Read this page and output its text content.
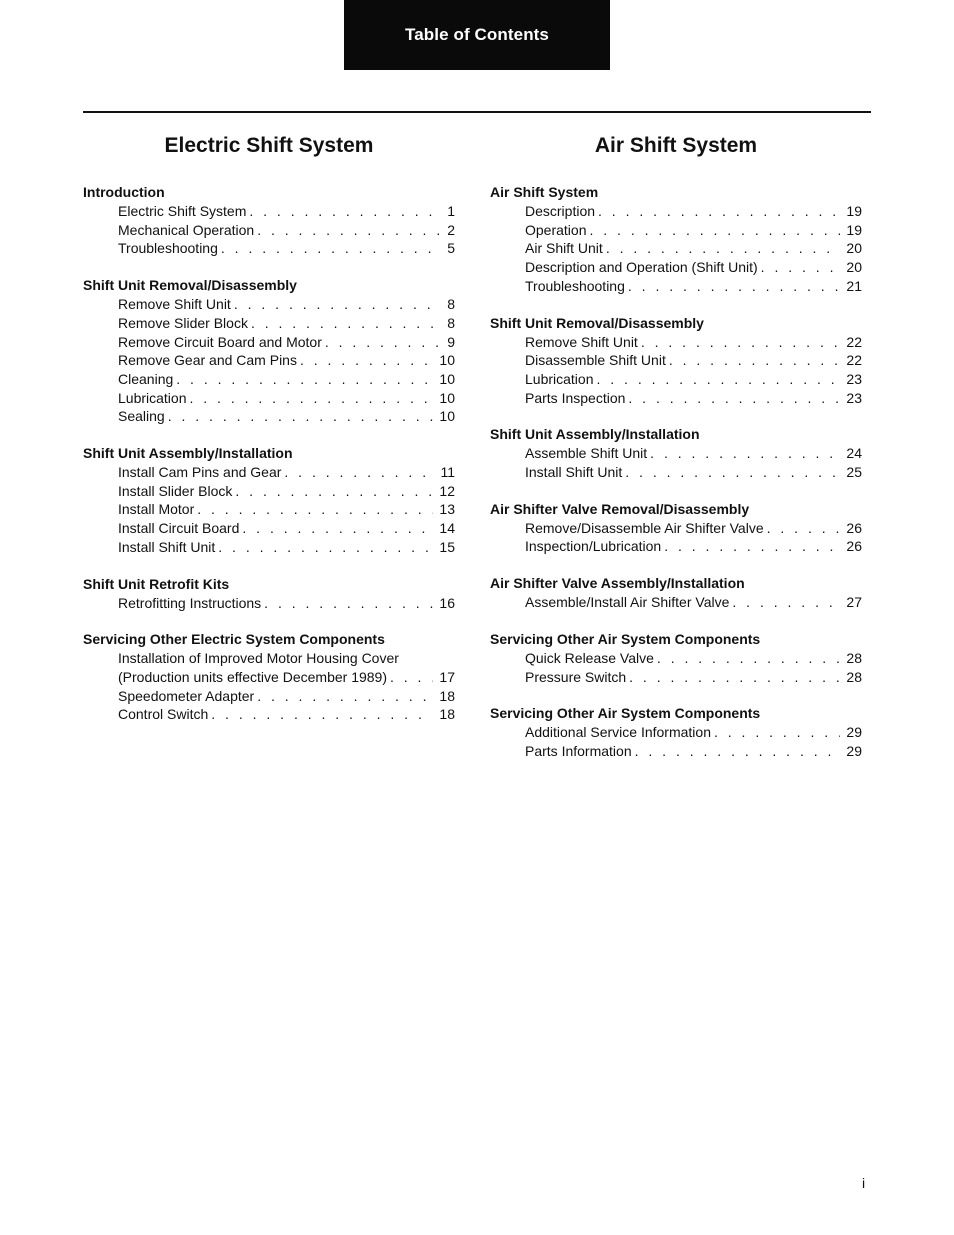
Table of Contents
Electric Shift System
Introduction
Electric Shift System . . .	1
Mechanical Operation . . .	2
Troubleshooting . . .	5
Shift Unit Removal/Disassembly
Remove Shift Unit . . .	8
Remove Slider Block . . .	8
Remove Circuit Board and Motor . . .	9
Remove Gear and Cam Pins . . .	10
Cleaning . . .	10
Lubrication . . .	10
Sealing . . .	10
Shift Unit Assembly/Installation
Install Cam Pins and Gear . . .	11
Install Slider Block . . .	12
Install Motor . . .	13
Install Circuit Board . . .	14
Install Shift Unit . . .	15
Shift Unit Retrofit Kits
Retrofitting Instructions . . .	16
Servicing Other Electric System Components
Installation of Improved Motor Housing Cover
(Production units effective December 1989) . . .	17
Speedometer Adapter . . .	18
Control Switch . . .	18
Air Shift System
Air Shift System
Description . . .	19
Operation . . .	19
Air Shift Unit . . .	20
Description and Operation (Shift Unit) . . .	20
Troubleshooting . . .	21
Shift Unit Removal/Disassembly
Remove Shift Unit . . .	22
Disassemble Shift Unit . . .	22
Lubrication . . .	23
Parts Inspection . . .	23
Shift Unit Assembly/Installation
Assemble Shift Unit . . .	24
Install Shift Unit . . .	25
Air Shifter Valve Removal/Disassembly
Remove/Disassemble Air Shifter Valve . . .	26
Inspection/Lubrication . . .	26
Air Shifter Valve Assembly/Installation
Assemble/Install Air Shifter Valve . . .	27
Servicing Other Air System Components
Quick Release Valve . . .	28
Pressure Switch . . .	28
Servicing Other Air System Components
Additional Service Information . . .	29
Parts Information . . .	29
i
